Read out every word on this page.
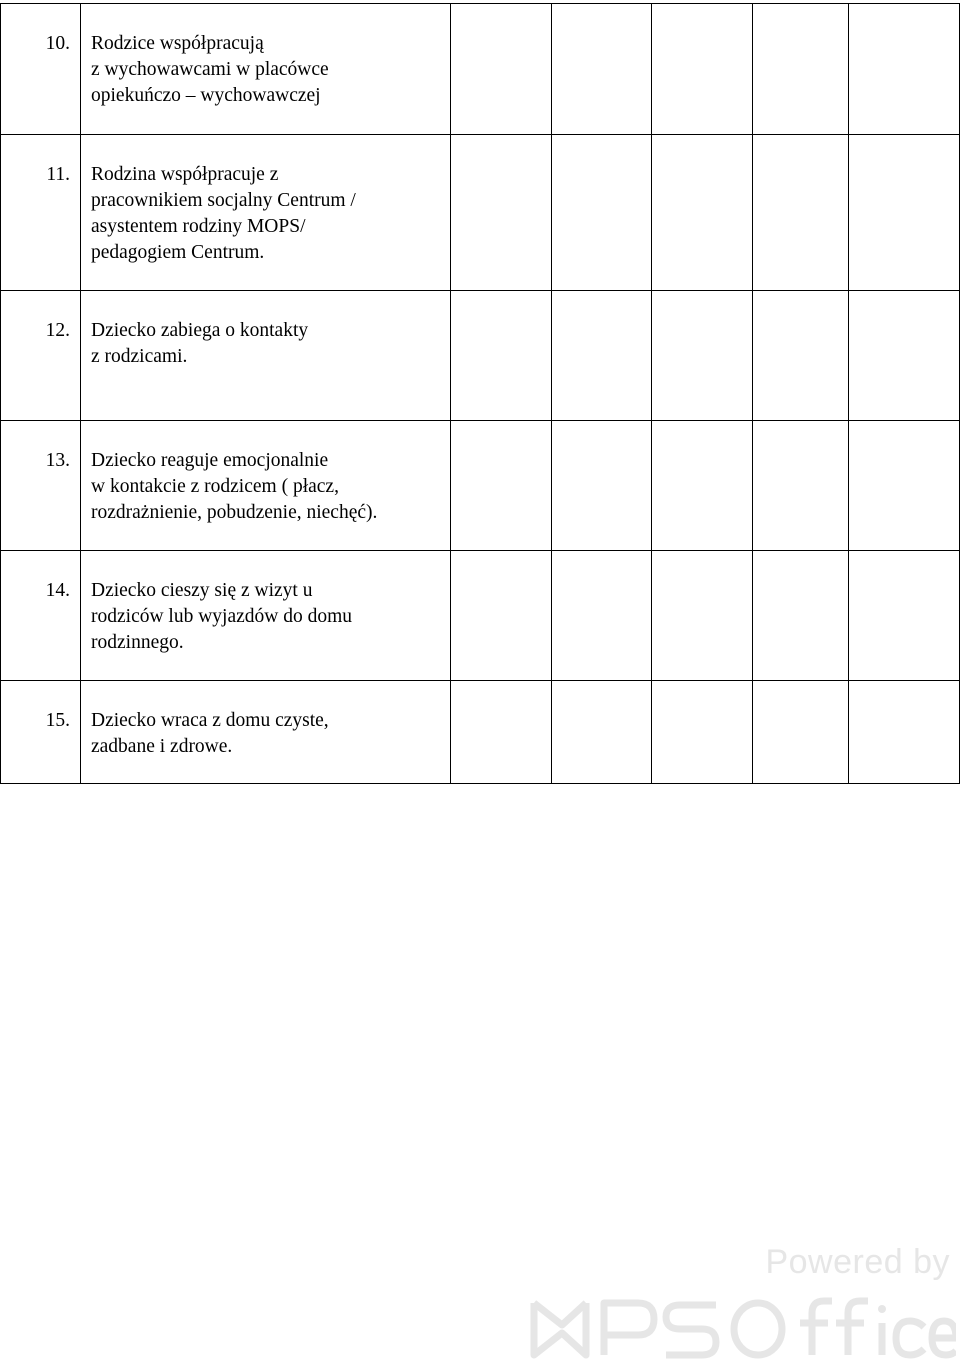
10.	Rodzice współpracują
z wychowawcami w placówce
opiekuńczo – wychowawczej					
11.	Rodzina współpracuje z
pracownikiem socjalny Centrum /
asystentem rodziny MOPS/
pedagogiem Centrum.					
12.	Dziecko zabiega o kontakty
z rodzicami.					
13.	Dziecko reaguje emocjonalnie
w kontakcie z rodzicem ( płacz,
rozdrażnienie, pobudzenie, niechęć).					
14.	Dziecko cieszy się z wizyt u
rodziców lub wyjazdów do domu
rodzinnego.					
15.	Dziecko wraca z domu czyste,
zadbane i zdrowe.					
Powered by
